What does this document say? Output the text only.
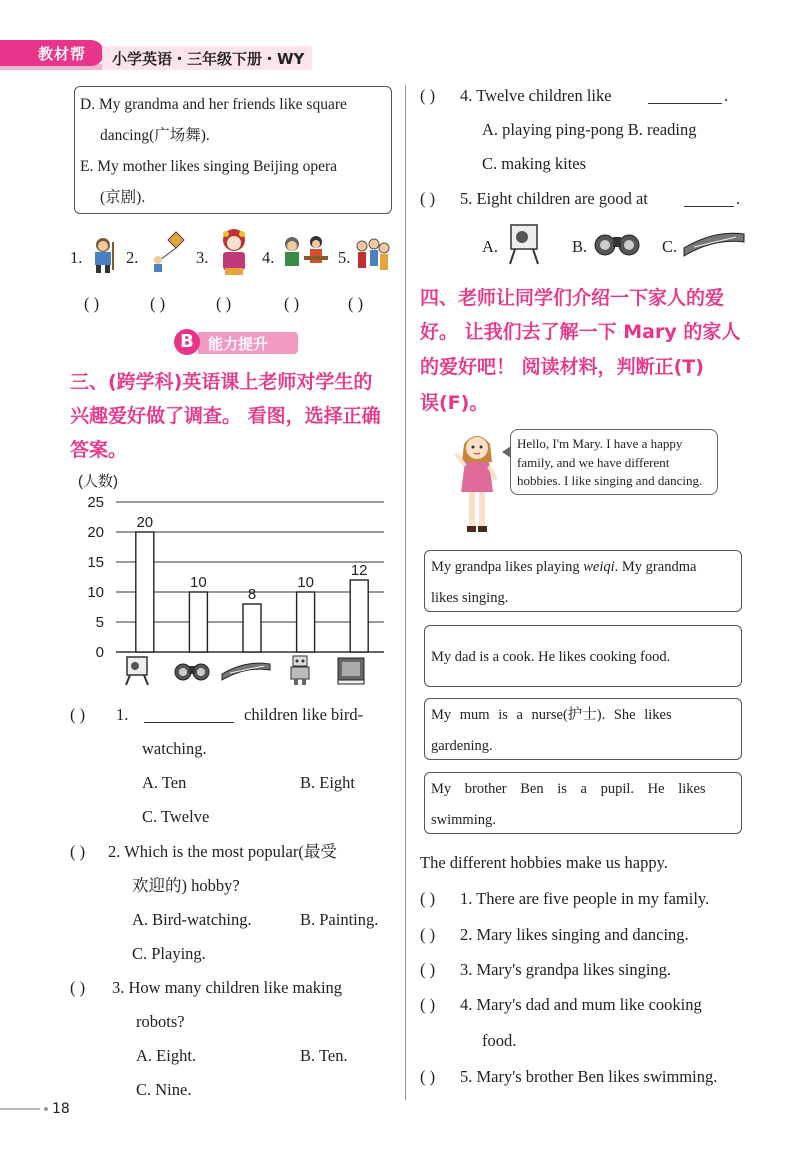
教材帮 小学英语・三年级下册・WY
D. My grandma and her friends like square
dancing(广场舞).
E. My mother likes singing Beijing opera
(京剧).
1.	2.	3.	4.	5.
( )	( )	( )	( )	( )
B 能力提升
三、(跨学科)英语课上老师对学生的
兴趣爱好做了调查。 看图，选择正确
答案。
(人数)
0
5
10
15
20
25
20
10
8
10
12
( ) 1.	children like bird-
watching.
A. Ten	B. Eight
C. Twelve
( ) 2. Which is the most popular(最受
欢迎的) hobby?
A. Bird-watching.	B. Painting.
C. Playing.
( ) 3. How many children like making
robots?
A. Eight.	B. Ten.
C. Nine.
( ) 4. Twelve children like	.
A. playing ping-pong B. reading
C. making kites
( ) 5. Eight children are good at	.
A.	B.	C.
四、老师让同学们介绍一下家人的爱
好。 让我们去了解一下 Mary 的家人
的爱好吧！ 阅读材料，判断正(T)
误(F)。
Hello, I'm Mary. I have a happy
family, and we have different
hobbies. I like singing and dancing.
My grandpa likes playing weiqi. My grandma
likes singing.
My dad is a cook. He likes cooking food.
My mum is a nurse(护士). She likes
gardening.
My brother Ben is a pupil. He likes
swimming.
The different hobbies make us happy.
( ) 1. There are five people in my family.
( ) 2. Mary likes singing and dancing.
( ) 3. Mary's grandpa likes singing.
( ) 4. Mary's dad and mum like cooking
food.
( ) 5. Mary's brother Ben likes swimming.
18
